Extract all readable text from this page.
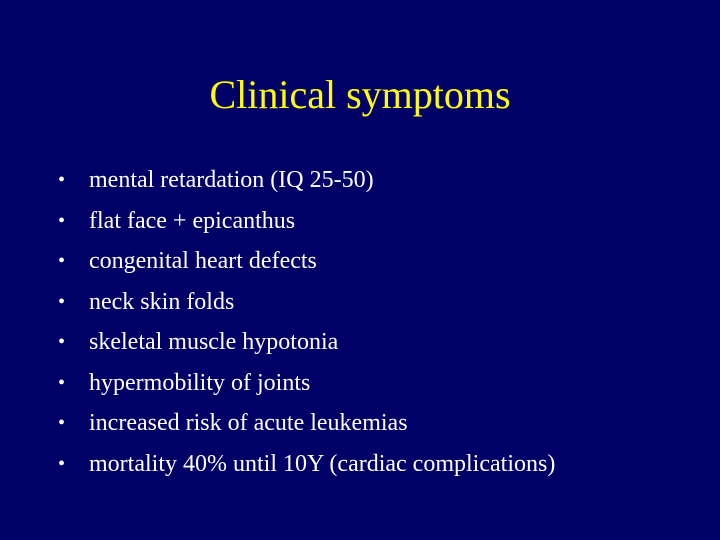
Clinical symptoms
• mental retardation (IQ 25-50)
• flat face + epicanthus
• congenital heart defects
• neck skin folds
• skeletal muscle hypotonia
• hypermobility of joints
• increased risk of acute leukemias
• mortality 40% until 10Y (cardiac complications)
